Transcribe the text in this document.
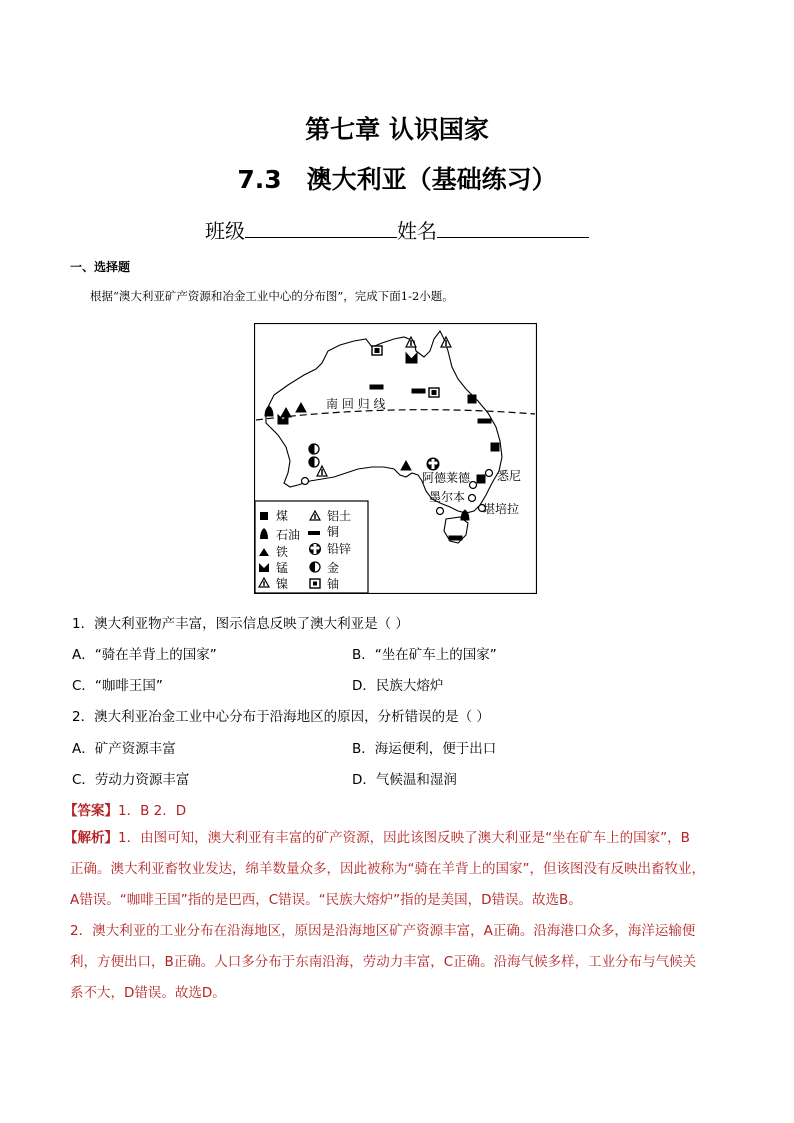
第七章 认识国家
7.3　澳大利亚（基础练习）
班级	姓名
一、选择题
根据“澳大利亚矿产资源和冶金工业中心的分布图”，完成下面1-2小题。
南 回 归 线
阿德莱德 悉尼
墨尔本
堪培拉
煤
石油
铁
锰
镍
铝土
铜
铅锌
金
铀
1．澳大利亚物产丰富，图示信息反映了澳大利亚是（ ）
A．“骑在羊背上的国家”	B．“坐在矿车上的国家”
C．“咖啡王国”	D．民族大熔炉
2．澳大利亚冶金工业中心分布于沿海地区的原因，分析错误的是（ ）
A．矿产资源丰富	B．海运便利，便于出口
C．劳动力资源丰富	D．气候温和湿润
【答案】1．B 2．D
【解析】1．由图可知，澳大利亚有丰富的矿产资源，因此该图反映了澳大利亚是“坐在矿车上的国家”，B
正确。澳大利亚畜牧业发达，绵羊数量众多，因此被称为“骑在羊背上的国家”，但该图没有反映出畜牧业，
A错误。“咖啡王国”指的是巴西，C错误。“民族大熔炉”指的是美国，D错误。故选B。
2．澳大利亚的工业分布在沿海地区，原因是沿海地区矿产资源丰富，A正确。沿海港口众多，海洋运输便
利，方便出口，B正确。人口多分布于东南沿海，劳动力丰富，C正确。沿海气候多样，工业分布与气候关
系不大，D错误。故选D。
